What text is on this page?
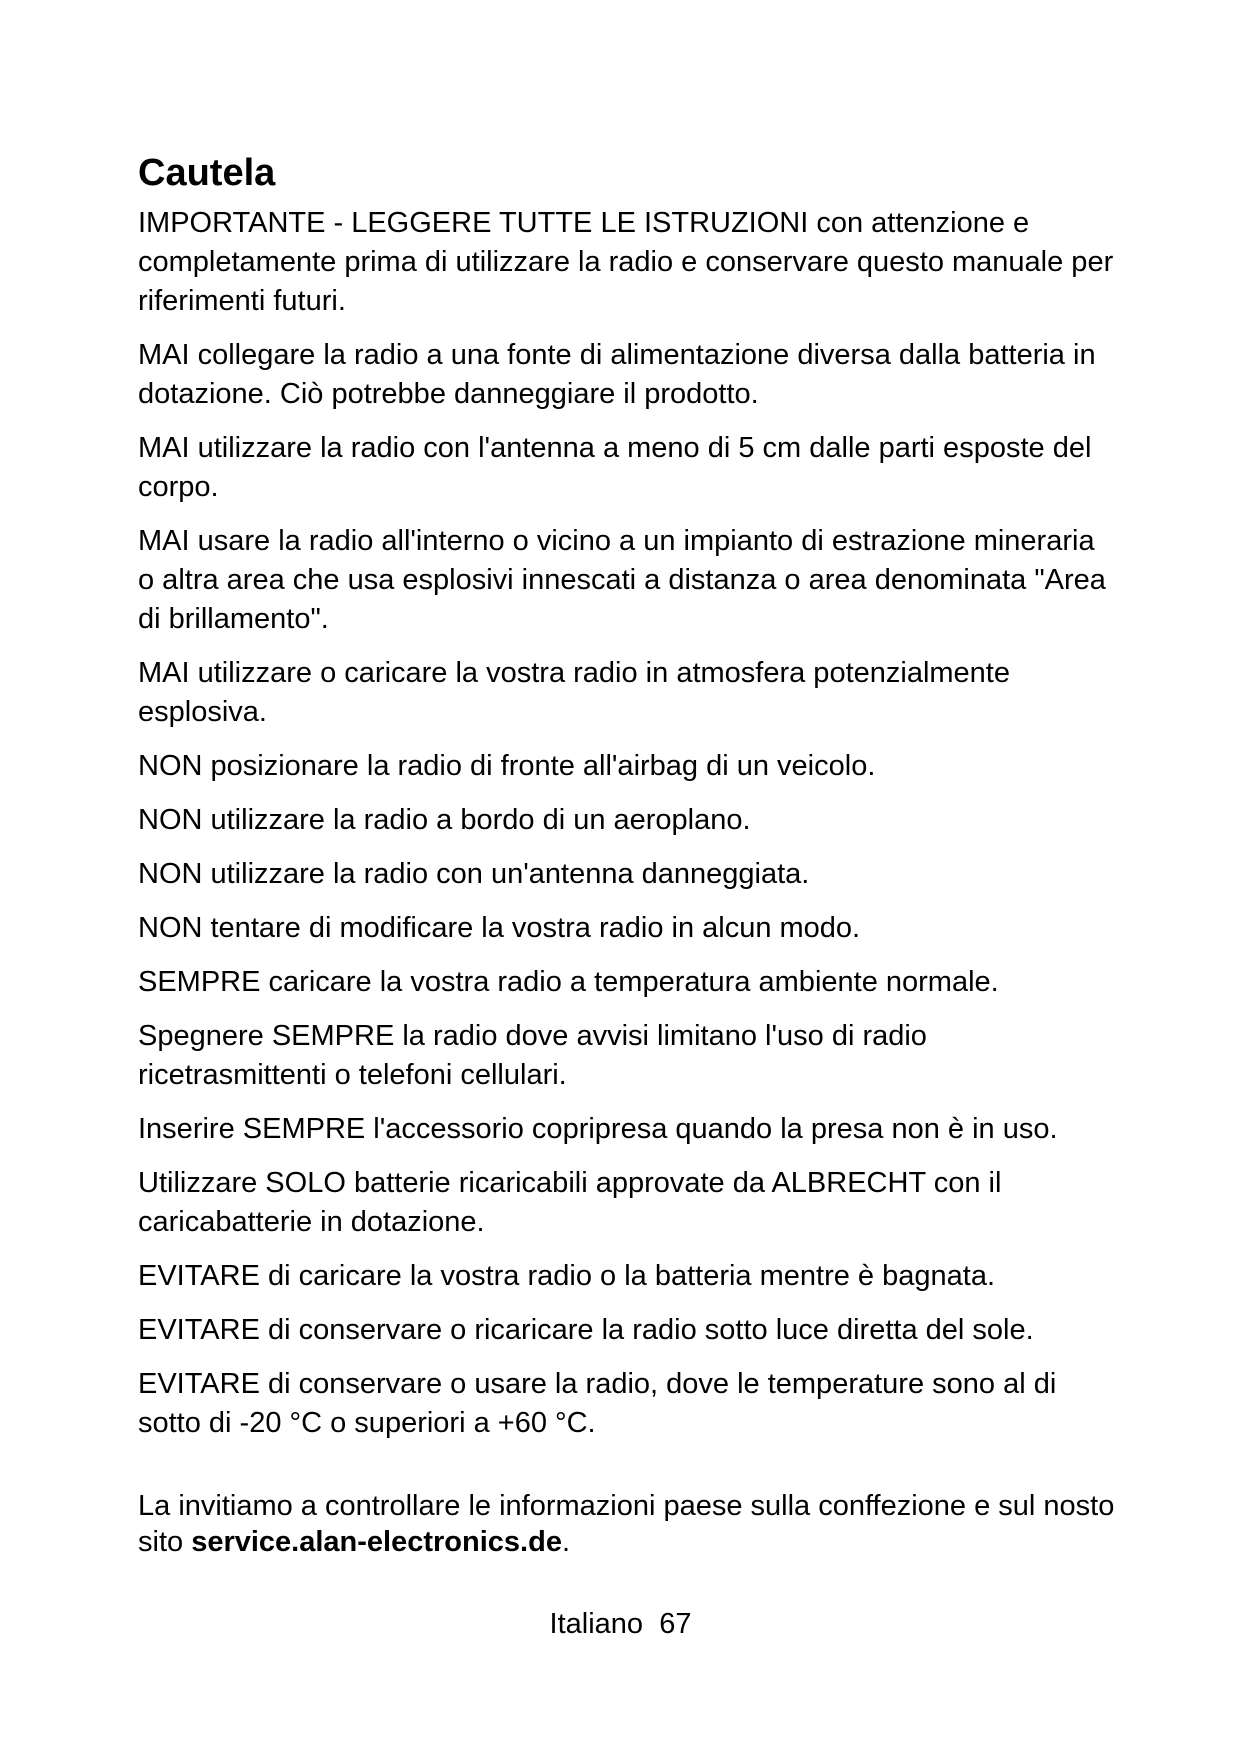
Cautela

IMPORTANTE - LEGGERE TUTTE LE ISTRUZIONI con attenzione e completamente prima di utilizzare la radio e conservare questo manuale per riferimenti futuri.

MAI collegare la radio a una fonte di alimentazione diversa dalla batteria in dotazione. Ciò potrebbe danneggiare il prodotto.

MAI utilizzare la radio con l'antenna a meno di 5 cm dalle parti esposte del corpo.

MAI usare la radio all'interno o vicino a un impianto di estrazione mineraria o altra area che usa esplosivi innescati a distanza o area denominata "Area di brillamento".

MAI utilizzare o caricare la vostra radio in atmosfera potenzialmente esplosiva.

NON posizionare la radio di fronte all'airbag di un veicolo.

NON utilizzare la radio a bordo di un aeroplano.

NON utilizzare la radio con un'antenna danneggiata.

NON tentare di modificare la vostra radio in alcun modo.

SEMPRE caricare la vostra radio a temperatura ambiente normale.

Spegnere SEMPRE la radio dove avvisi limitano l'uso di radio ricetrasmittenti o telefoni cellulari.

Inserire SEMPRE l'accessorio copripresa quando la presa non è in uso.

Utilizzare SOLO batterie ricaricabili approvate da ALBRECHT con il caricabatterie in dotazione.

EVITARE di caricare la vostra radio o la batteria mentre è bagnata.

EVITARE di conservare o ricaricare la radio sotto luce diretta del sole.

EVITARE di conservare o usare la radio, dove le temperature sono al di sotto di -20 °C o superiori a +60 °C.

La invitiamo a controllare le informazioni paese sulla conffezione e sul nosto sito service.alan-electronics.de.

Italiano 67
